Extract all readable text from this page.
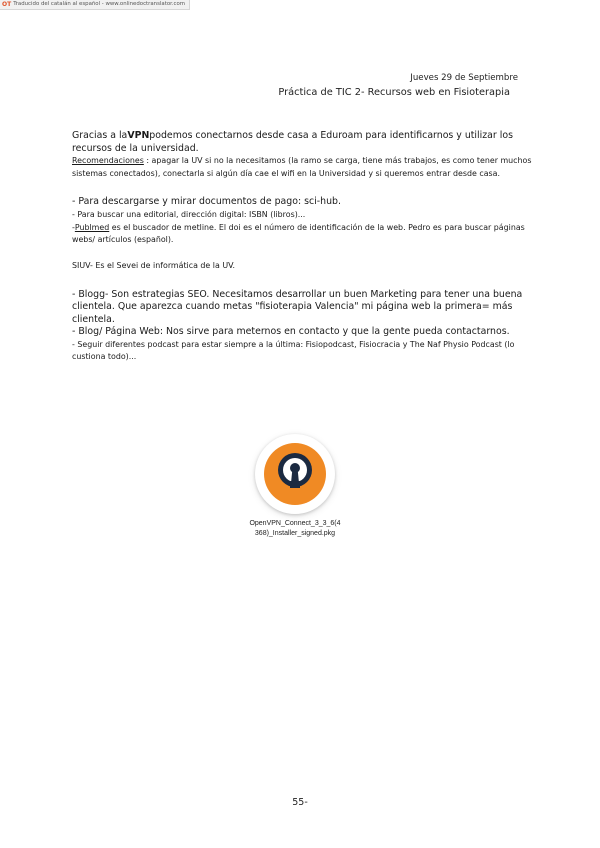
OT Traducido del catalán al español - www.onlinedoctranslator.com
Jueves 29 de Septiembre
Práctica de TIC 2- Recursos web en Fisioterapia

Gracias a laVPNpodemos conectarnos desde casa a Eduroam para identificarnos y utilizar los recursos de la universidad.

Recomendaciones : apagar la UV si no la necesitamos (la ramo se carga, tiene más trabajos, es como tener muchos sistemas conectados), conectarla si algún día cae el wifi en la Universidad y si queremos entrar desde casa.

- Para descargarse y mirar documentos de pago: sci-hub.

- Para buscar una editorial, dirección digital: ISBN (libros)...

-Publmed es el buscador de metline. El doi es el número de identificación de la web. Pedro es para buscar páginas webs/ artículos (español).

SIUV- Es el Sevei de informática de la UV.

- Blogg- Son estrategias SEO. Necesitamos desarrollar un buen Marketing para tener una buena clientela. Que aparezca cuando metas "fisioterapia Valencia" mi página web la primera= más clientela.

- Blog/ Página Web: Nos sirve para meternos en contacto y que la gente pueda contactarnos.

- Seguir diferentes podcast para estar siempre a la última: Fisiopodcast, Fisiocracia y The Naf Physio Podcast (lo custiona todo)...

OpenVPN_Connect_3_3_6(4
368)_Installer_signed.pkg
55-
